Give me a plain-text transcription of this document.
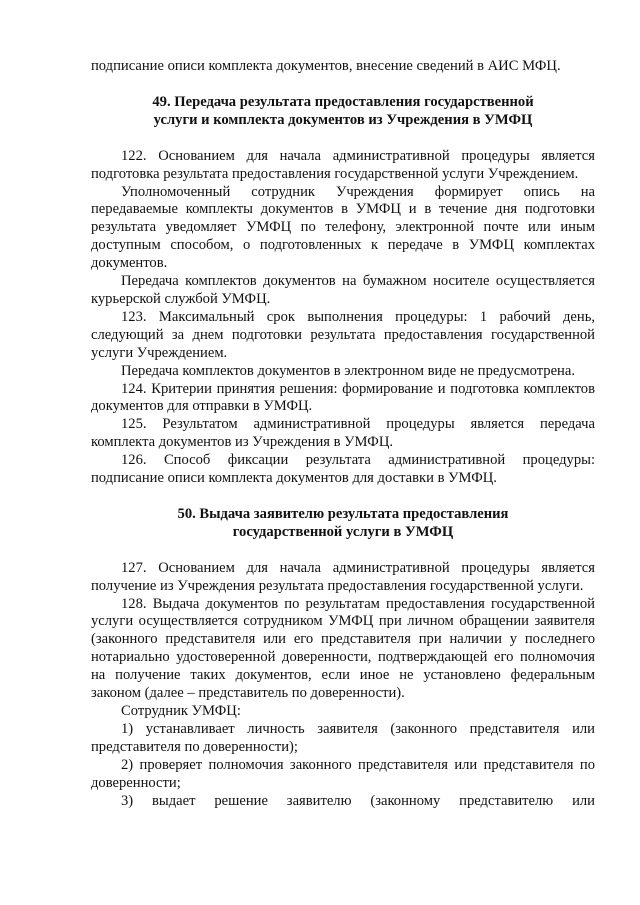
подписание описи комплекта документов, внесение сведений в АИС МФЦ.

49. Передача результата предоставления государственной
услуги и комплекта документов из Учреждения в УМФЦ

122. Основанием для начала административной процедуры является подготовка результата предоставления государственной услуги Учреждением.

Уполномоченный сотрудник Учреждения формирует опись на передаваемые комплекты документов в УМФЦ и в течение дня подготовки результата уведомляет УМФЦ по телефону, электронной почте или иным доступным способом, о подготовленных к передаче в УМФЦ комплектах документов.

Передача комплектов документов на бумажном носителе осуществляется курьерской службой УМФЦ.

123. Максимальный срок выполнения процедуры: 1 рабочий день, следующий за днем подготовки результата предоставления государственной услуги Учреждением.

Передача комплектов документов в электронном виде не предусмотрена.

124. Критерии принятия решения: формирование и подготовка комплектов документов для отправки в УМФЦ.

125. Результатом административной процедуры является передача комплекта документов из Учреждения в УМФЦ.

126. Способ фиксации результата административной процедуры: подписание описи комплекта документов для доставки в УМФЦ.

50. Выдача заявителю результата предоставления
государственной услуги в УМФЦ

127. Основанием для начала административной процедуры является получение из Учреждения результата предоставления государственной услуги.

128. Выдача документов по результатам предоставления государственной услуги осуществляется сотрудником УМФЦ при личном обращении заявителя (законного представителя или его представителя при наличии у последнего нотариально удостоверенной доверенности, подтверждающей его полномочия на получение таких документов, если иное не установлено федеральным законом (далее – представитель по доверенности).

Сотрудник УМФЦ:

1) устанавливает личность заявителя (законного представителя или представителя по доверенности);

2) проверяет полномочия законного представителя или представителя по доверенности;

3) выдает решение заявителю (законному представителю или
